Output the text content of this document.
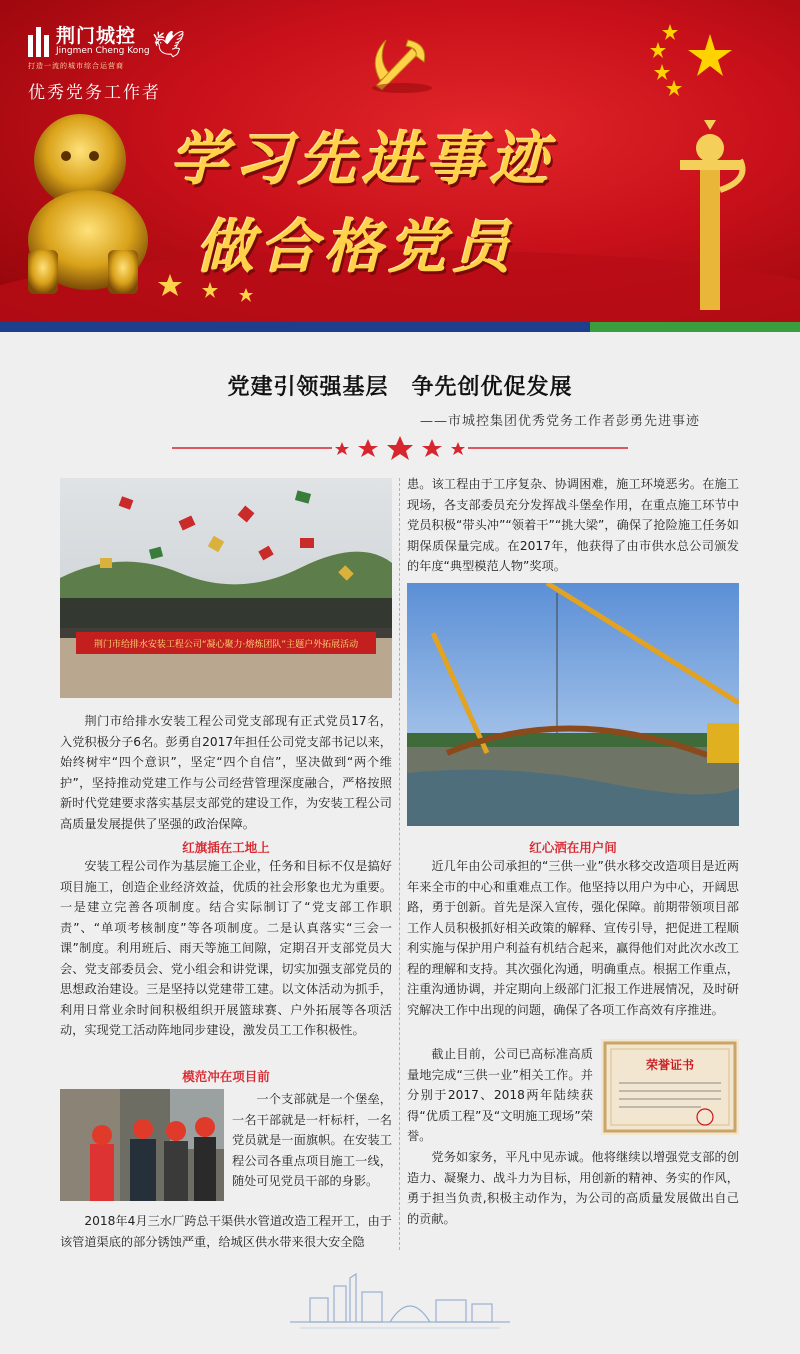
荆门城控
Jingmen Cheng Kong
打造一流的城市综合运营商
🕊
优秀党务工作者
学习先进事迹
做合格党员
党建引领强基层　争先创优促发展
——市城控集团优秀党务工作者彭勇先进事迹
荆门市给排水安装工程公司“凝心聚力·熔炼团队”主题户外拓展活动
荆门市给排水安装工程公司党支部现有正式党员17名，入党积极分子6名。彭勇自2017年担任公司党支部书记以来，始终树牢“四个意识”，坚定“四个自信”，坚决做到“两个维护”，坚持推动党建工作与公司经营管理深度融合，严格按照新时代党建要求落实基层支部党的建设工作，为安装工程公司高质量发展提供了坚强的政治保障。
红旗插在工地上
安装工程公司作为基层施工企业，任务和目标不仅是搞好项目施工，创造企业经济效益，优质的社会形象也尤为重要。一是建立完善各项制度。结合实际制订了“党支部工作职责”、“单项考核制度”等各项制度。二是认真落实“三会一课”制度。利用班后、雨天等施工间隙，定期召开支部党员大会、党支部委员会、党小组会和讲党课，切实加强支部党员的思想政治建设。三是坚持以党建带工建。以文体活动为抓手，利用日常业余时间积极组织开展篮球赛、户外拓展等各项活动，实现党工活动阵地同步建设，激发员工工作积极性。
模范冲在项目前
一个支部就是一个堡垒，一名干部就是一杆标杆，一名党员就是一面旗帜。在安装工程公司各重点项目施工一线，随处可见党员干部的身影。
2018年4月三水厂跨总干渠供水管道改造工程开工，由于该管道渠底的部分锈蚀严重，给城区供水带来很大安全隐
患。该工程由于工序复杂、协调困难，施工环境恶劣。在施工现场，各支部委员充分发挥战斗堡垒作用，在重点施工环节中党员积极“带头冲”“领着干”“挑大梁”，确保了抢险施工任务如期保质保量完成。在2017年，他获得了由市供水总公司颁发的年度“典型模范人物”奖项。
红心洒在用户间
近几年由公司承担的“三供一业”供水移交改造项目是近两年来全市的中心和重难点工作。他坚持以用户为中心，开阔思路，勇于创新。首先是深入宣传，强化保障。前期带领项目部工作人员积极抓好相关政策的解释、宣传引导，把促进工程顺利实施与保护用户利益有机结合起来，赢得他们对此次水改工程的理解和支持。其次强化沟通，明确重点。根据工作重点，注重沟通协调，并定期向上级部门汇报工作进展情况，及时研究解决工作中出现的问题，确保了各项工作高效有序推进。
截止目前，公司已高标准高质量地完成“三供一业”相关工作。并分别于2017、2018两年陆续获得“优质工程”及“文明施工现场”荣誉。
荣誉证书
党务如家务，平凡中见赤诚。他将继续以增强党支部的创造力、凝聚力、战斗力为目标，用创新的精神、务实的作风，勇于担当负责,积极主动作为，为公司的高质量发展做出自己的贡献。
